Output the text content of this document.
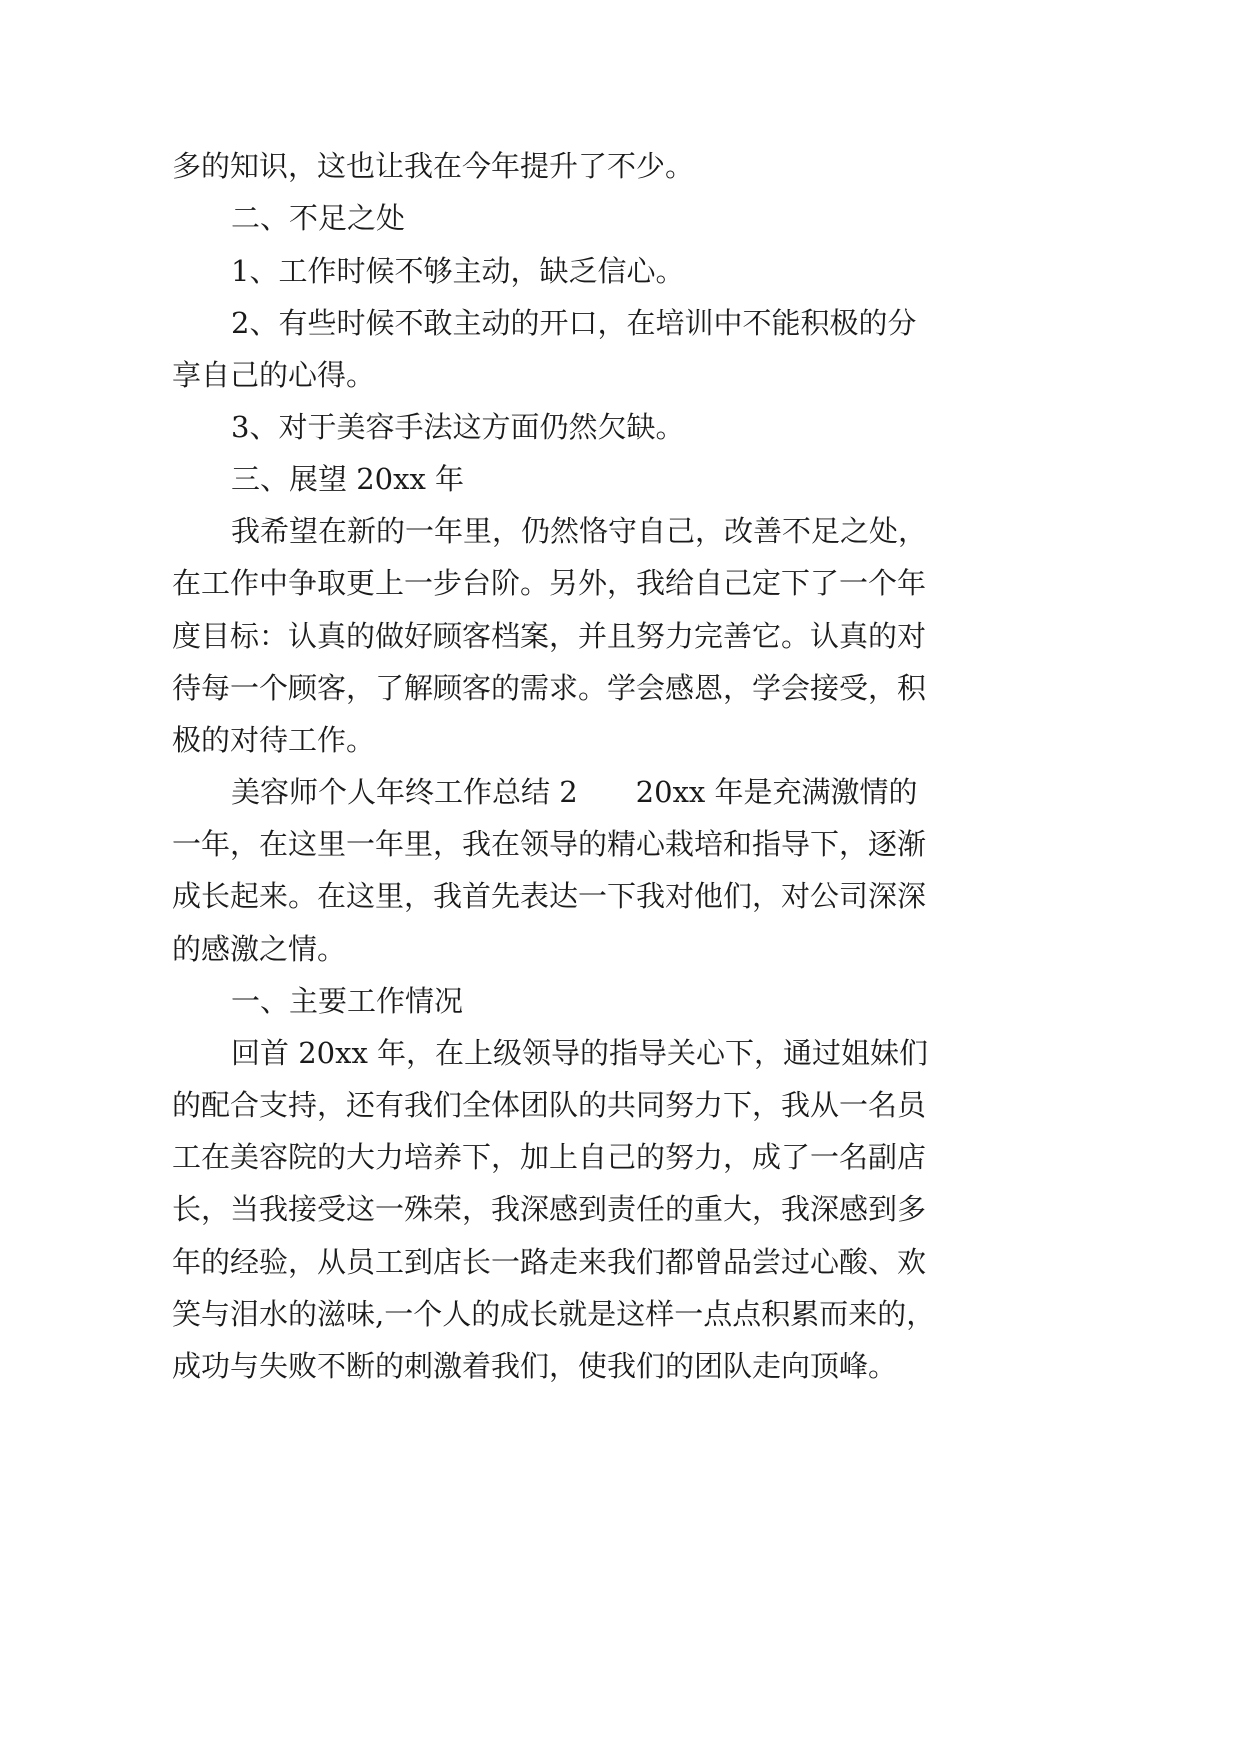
多的知识，这也让我在今年提升了不少。
二、不足之处
1、工作时候不够主动，缺乏信心。
2、有些时候不敢主动的开口，在培训中不能积极的分
享自己的心得。
3、对于美容手法这方面仍然欠缺。
三、展望 20xx 年
我希望在新的一年里，仍然恪守自己，改善不足之处，
在工作中争取更上一步台阶。另外，我给自己定下了一个年
度目标：认真的做好顾客档案，并且努力完善它。认真的对
待每一个顾客，了解顾客的需求。学会感恩，学会接受，积
极的对待工作。
美容师个人年终工作总结 2　　20xx 年是充满激情的
一年，在这里一年里，我在领导的精心栽培和指导下，逐渐
成长起来。在这里，我首先表达一下我对他们，对公司深深
的感激之情。
一、主要工作情况
回首 20xx 年，在上级领导的指导关心下，通过姐妹们
的配合支持，还有我们全体团队的共同努力下，我从一名员
工在美容院的大力培养下，加上自己的努力，成了一名副店
长，当我接受这一殊荣，我深感到责任的重大，我深感到多
年的经验，从员工到店长一路走来我们都曾品尝过心酸、欢
笑与泪水的滋味,一个人的成长就是这样一点点积累而来的，
成功与失败不断的刺激着我们，使我们的团队走向顶峰。
